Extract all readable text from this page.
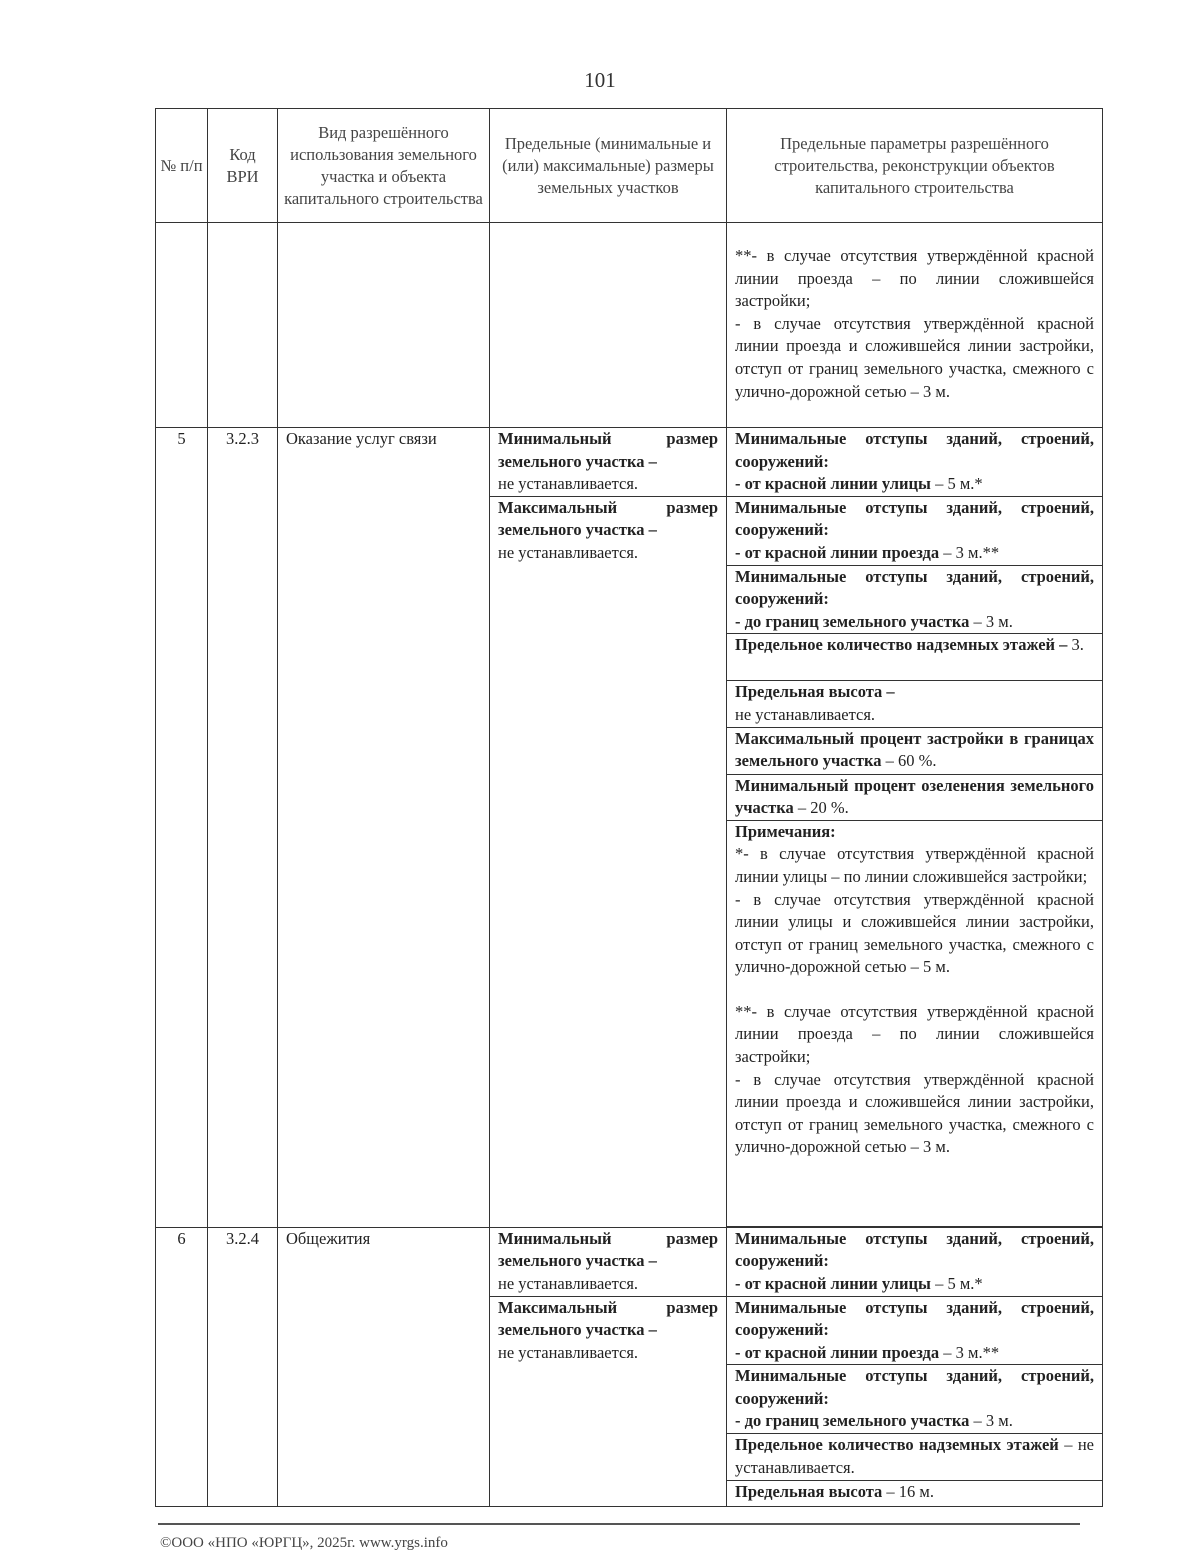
101
№ п/п	Код ВРИ	Вид разрешённого использования земельного участка и объекта капитального строительства	Предельные (минимальные и (или) максимальные) размеры земельных участков	Предельные параметры разрешённого строительства, реконструкции объектов капитального строительства

				**- в случае отсутствия утверждённой красной линии проезда – по линии сложившейся застройки;
- в случае отсутствия утверждённой красной линии проезда и сложившейся линии застройки, отступ от границ земельного участка, смежного с улично-дорожной сетью – 3 м.

5	3.2.3	Оказание услуг связи	Минимальный размер земельного участка –
не устанавливается.	Минимальные отступы зданий, строений, сооружений:
- от красной линии улицы – 5 м.*

			Максимальный размер земельного участка –
не устанавливается.	Минимальные отступы зданий, строений, сооружений:
- от красной линии проезда – 3 м.**

				Минимальные отступы зданий, строений, сооружений:
- до границ земельного участка – 3 м.

				Предельное количество надземных этажей – 3.

				Предельная высота –
не устанавливается.

				Максимальный процент застройки в границах земельного участка – 60 %.
				Минимальный процент озеленения земельного участка – 20 %.

				Примечания:
*- в случае отсутствия утверждённой красной линии улицы – по линии сложившейся застройки;
- в случае отсутствия утверждённой красной линии улицы и сложившейся линии застройки, отступ от границ земельного участка, смежного с улично-дорожной сетью – 5 м.
**- в случае отсутствия утверждённой красной линии проезда – по линии сложившейся застройки;
- в случае отсутствия утверждённой красной линии проезда и сложившейся линии застройки, отступ от границ земельного участка, смежного с улично-дорожной сетью – 3 м.

6	3.2.4	Общежития	Минимальный размер земельного участка –
не устанавливается.	Минимальные отступы зданий, строений, сооружений:
- от красной линии улицы – 5 м.*

			Максимальный размер земельного участка –
не устанавливается.	Минимальные отступы зданий, строений, сооружений:
- от красной линии проезда – 3 м.**

				Минимальные отступы зданий, строений, сооружений:
- до границ земельного участка – 3 м.

				Предельное количество надземных этажей – не устанавливается.
				Предельная высота – 16 м.
©ООО «НПО «ЮРГЦ», 2025г. www.yrgs.info
